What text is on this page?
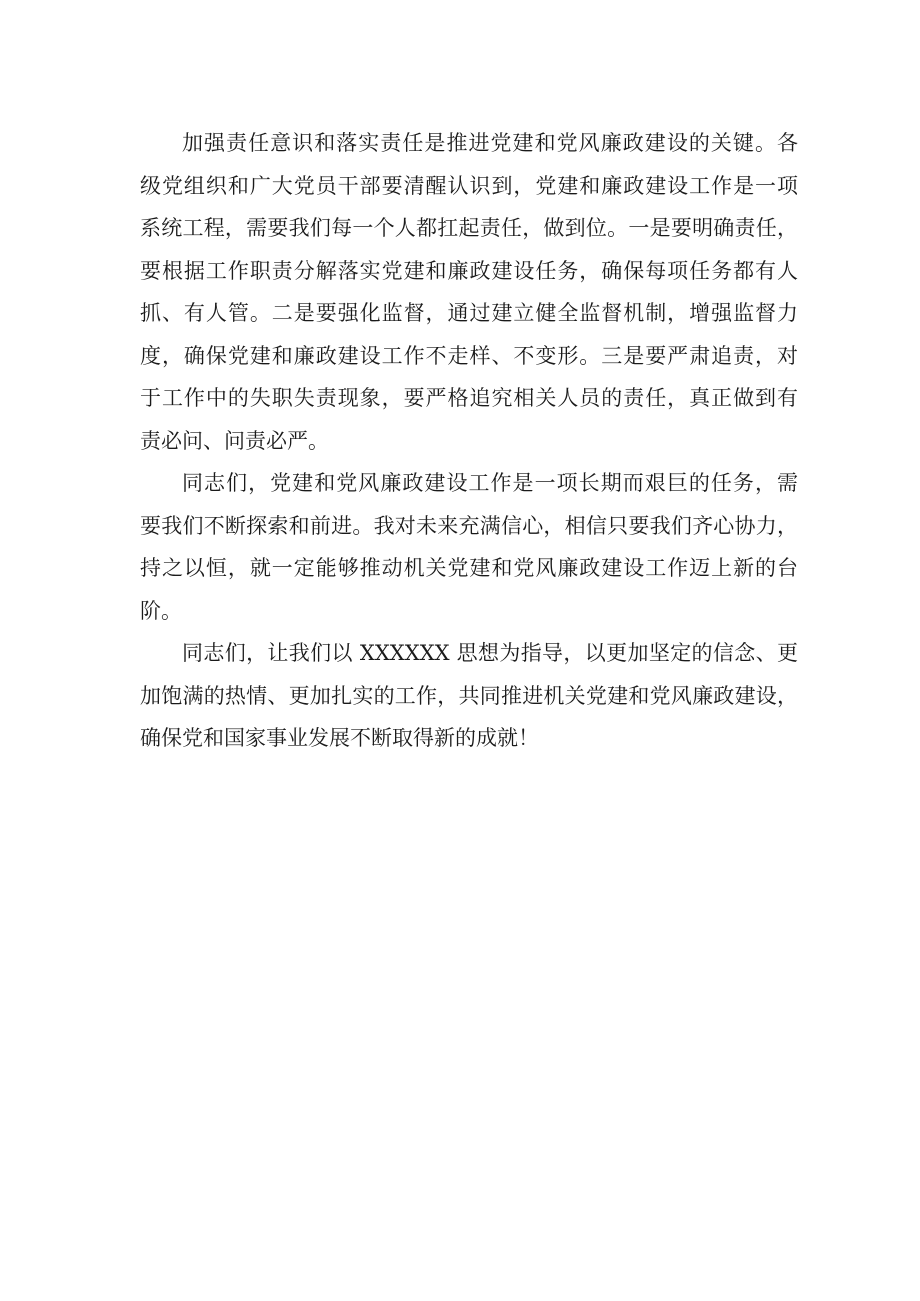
加强责任意识和落实责任是推进党建和党风廉政建设的关键。各
级党组织和广大党员干部要清醒认识到，党建和廉政建设工作是一项
系统工程，需要我们每一个人都扛起责任，做到位。一是要明确责任，
要根据工作职责分解落实党建和廉政建设任务，确保每项任务都有人
抓、有人管。二是要强化监督，通过建立健全监督机制，增强监督力
度，确保党建和廉政建设工作不走样、不变形。三是要严肃追责，对
于工作中的失职失责现象，要严格追究相关人员的责任，真正做到有
责必问、问责必严。
同志们，党建和党风廉政建设工作是一项长期而艰巨的任务，需
要我们不断探索和前进。我对未来充满信心，相信只要我们齐心协力，
持之以恒，就一定能够推动机关党建和党风廉政建设工作迈上新的台
阶。
同志们，让我们以 XXXXXX 思想为指导，以更加坚定的信念、更
加饱满的热情、更加扎实的工作，共同推进机关党建和党风廉政建设，
确保党和国家事业发展不断取得新的成就！
